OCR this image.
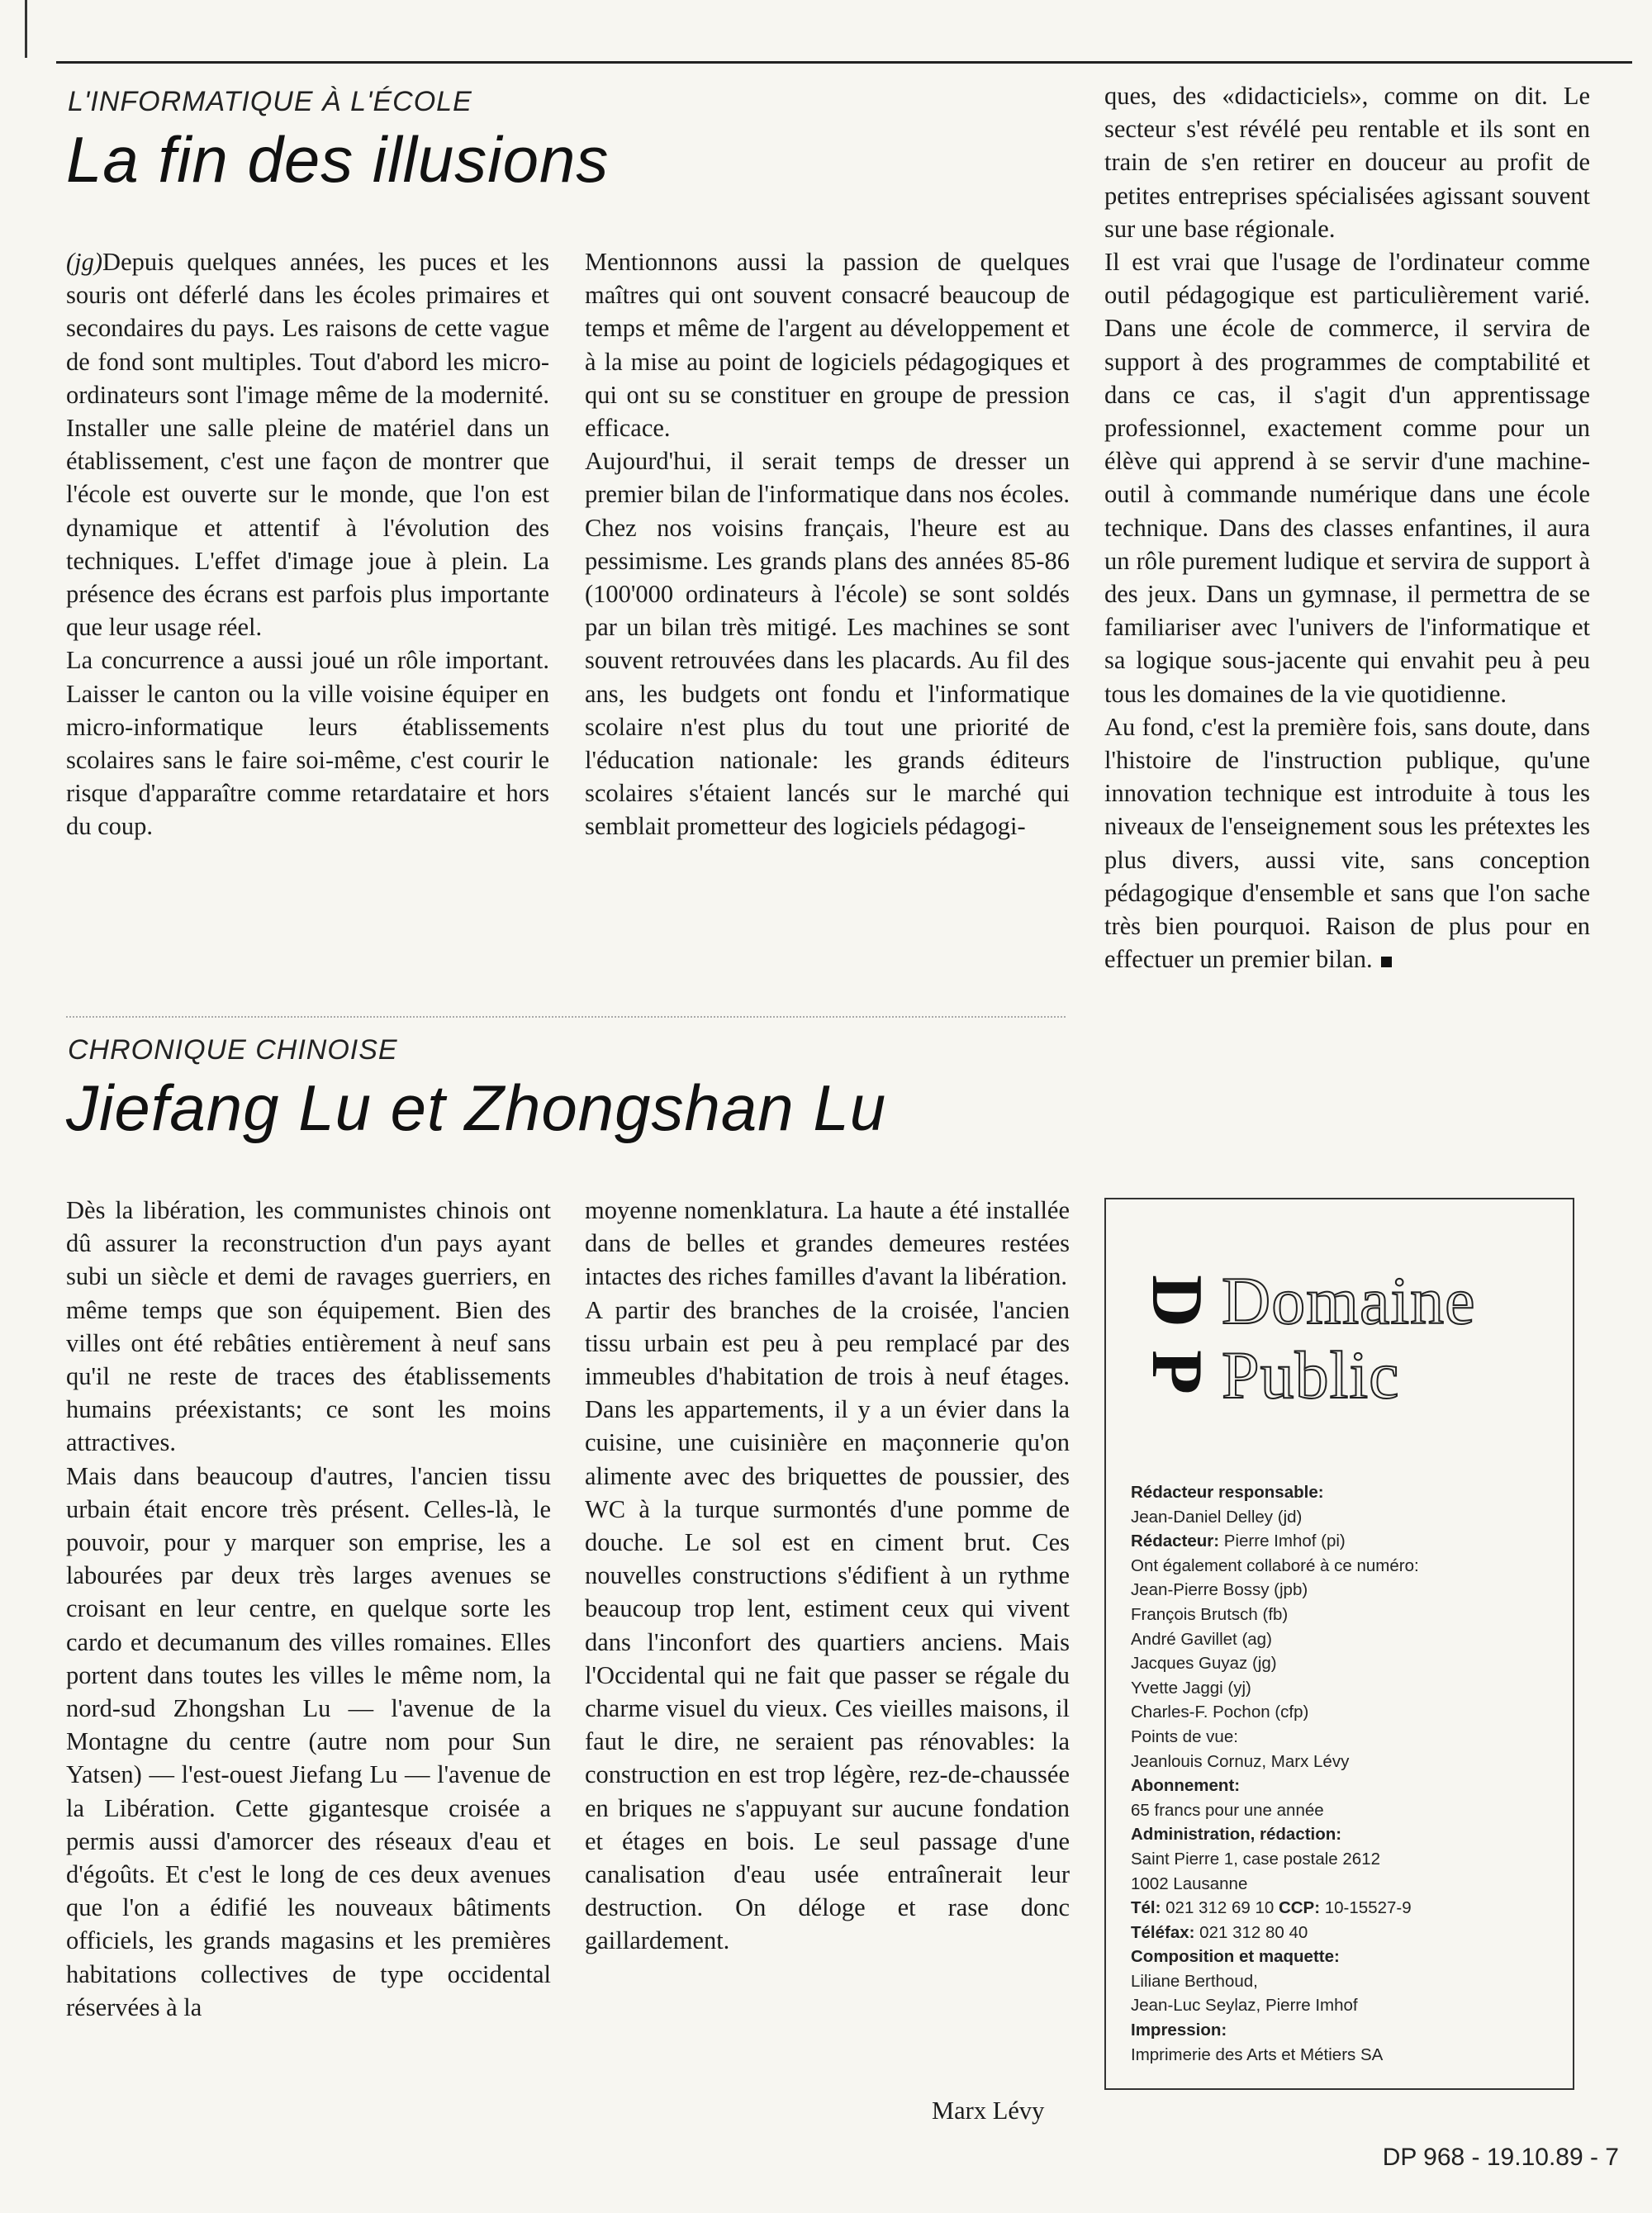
L'INFORMATIQUE À L'ÉCOLE
La fin des illusions

(jg)Depuis quelques années, les puces et les souris ont déferlé dans les écoles primaires et secondaires du pays. Les raisons de cette vague de fond sont multiples. Tout d'abord les micro-ordinateurs sont l'image même de la modernité. Installer une salle pleine de matériel dans un établissement, c'est une façon de montrer que l'école est ouverte sur le monde, que l'on est dynamique et attentif à l'évolution des techniques. L'effet d'image joue à plein. La présence des écrans est parfois plus importante que leur usage réel.

La concurrence a aussi joué un rôle important. Laisser le canton ou la ville voisine équiper en micro-informatique leurs établissements scolaires sans le faire soi-même, c'est courir le risque d'apparaître comme retardataire et hors du coup.

Mentionnons aussi la passion de quelques maîtres qui ont souvent consacré beaucoup de temps et même de l'argent au développement et à la mise au point de logiciels pédagogiques et qui ont su se constituer en groupe de pression efficace.

Aujourd'hui, il serait temps de dresser un premier bilan de l'informatique dans nos écoles. Chez nos voisins français, l'heure est au pessimisme. Les grands plans des années 85-86 (100'000 ordinateurs à l'école) se sont soldés par un bilan très mitigé. Les machines se sont souvent retrouvées dans les placards. Au fil des ans, les budgets ont fondu et l'informatique scolaire n'est plus du tout une priorité de l'éducation nationale: les grands éditeurs scolaires s'étaient lancés sur le marché qui semblait prometteur des logiciels pédagogi-

ques, des «didacticiels», comme on dit. Le secteur s'est révélé peu rentable et ils sont en train de s'en retirer en douceur au profit de petites entreprises spécialisées agissant souvent sur une base régionale.

Il est vrai que l'usage de l'ordinateur comme outil pédagogique est particulièrement varié. Dans une école de commerce, il servira de support à des programmes de comptabilité et dans ce cas, il s'agit d'un apprentissage professionnel, exactement comme pour un élève qui apprend à se servir d'une machine-outil à commande numérique dans une école technique. Dans des classes enfantines, il aura un rôle purement ludique et servira de support à des jeux. Dans un gymnase, il permettra de se familiariser avec l'univers de l'informatique et sa logique sous-jacente qui envahit peu à peu tous les domaines de la vie quotidienne.

Au fond, c'est la première fois, sans doute, dans l'histoire de l'instruction publique, qu'une innovation technique est introduite à tous les niveaux de l'enseignement sous les prétextes les plus divers, aussi vite, sans conception pédagogique d'ensemble et sans que l'on sache très bien pourquoi. Raison de plus pour en effectuer un premier bilan.

CHRONIQUE CHINOISE
Jiefang Lu et Zhongshan Lu

Dès la libération, les communistes chinois ont dû assurer la reconstruction d'un pays ayant subi un siècle et demi de ravages guerriers, en même temps que son équipement. Bien des villes ont été rebâties entièrement à neuf sans qu'il ne reste de traces des établissements humains préexistants; ce sont les moins attractives.

Mais dans beaucoup d'autres, l'ancien tissu urbain était encore très présent. Celles-là, le pouvoir, pour y marquer son emprise, les a labourées par deux très larges avenues se croisant en leur centre, en quelque sorte les cardo et decumanum des villes romaines. Elles portent dans toutes les villes le même nom, la nord-sud Zhongshan Lu — l'avenue de la Montagne du centre (autre nom pour Sun Yatsen) — l'est-ouest Jiefang Lu — l'avenue de la Libération. Cette gigantesque croisée a permis aussi d'amorcer des réseaux d'eau et d'égoûts. Et c'est le long de ces deux avenues que l'on a édifié les nouveaux bâtiments officiels, les grands magasins et les premières habitations collectives de type occidental réservées à la

moyenne nomenklatura. La haute a été installée dans de belles et grandes demeures restées intactes des riches familles d'avant la libération.

A partir des branches de la croisée, l'ancien tissu urbain est peu à peu remplacé par des immeubles d'habitation de trois à neuf étages. Dans les appartements, il y a un évier dans la cuisine, une cuisinière en maçonnerie qu'on alimente avec des briquettes de poussier, des WC à la turque surmontés d'une pomme de douche. Le sol est en ciment brut. Ces nouvelles constructions s'édifient à un rythme beaucoup trop lent, estiment ceux qui vivent dans l'inconfort des quartiers anciens. Mais l'Occidental qui ne fait que passer se régale du charme visuel du vieux. Ces vieilles maisons, il faut le dire, ne seraient pas rénovables: la construction en est trop légère, rez-de-chaussée en briques ne s'appuyant sur aucune fondation et étages en bois. Le seul passage d'une canalisation d'eau usée entraînerait leur destruction. On déloge et rase donc gaillardement.

Marx Lévy
D
P
Domaine
Public
Rédacteur responsable:
Jean-Daniel Delley (jd)
Rédacteur: Pierre Imhof (pi)
Ont également collaboré à ce numéro:
Jean-Pierre Bossy (jpb)
François Brutsch (fb)
André Gavillet (ag)
Jacques Guyaz (jg)
Yvette Jaggi (yj)
Charles-F. Pochon (cfp)
Points de vue:
Jeanlouis Cornuz, Marx Lévy
Abonnement:
65 francs pour une année
Administration, rédaction:
Saint Pierre 1, case postale 2612
1002 Lausanne
Tél: 021 312 69 10 CCP: 10-15527-9
Téléfax: 021 312 80 40
Composition et maquette:
Liliane Berthoud,
Jean-Luc Seylaz, Pierre Imhof
Impression:
Imprimerie des Arts et Métiers SA
DP 968 - 19.10.89 - 7
